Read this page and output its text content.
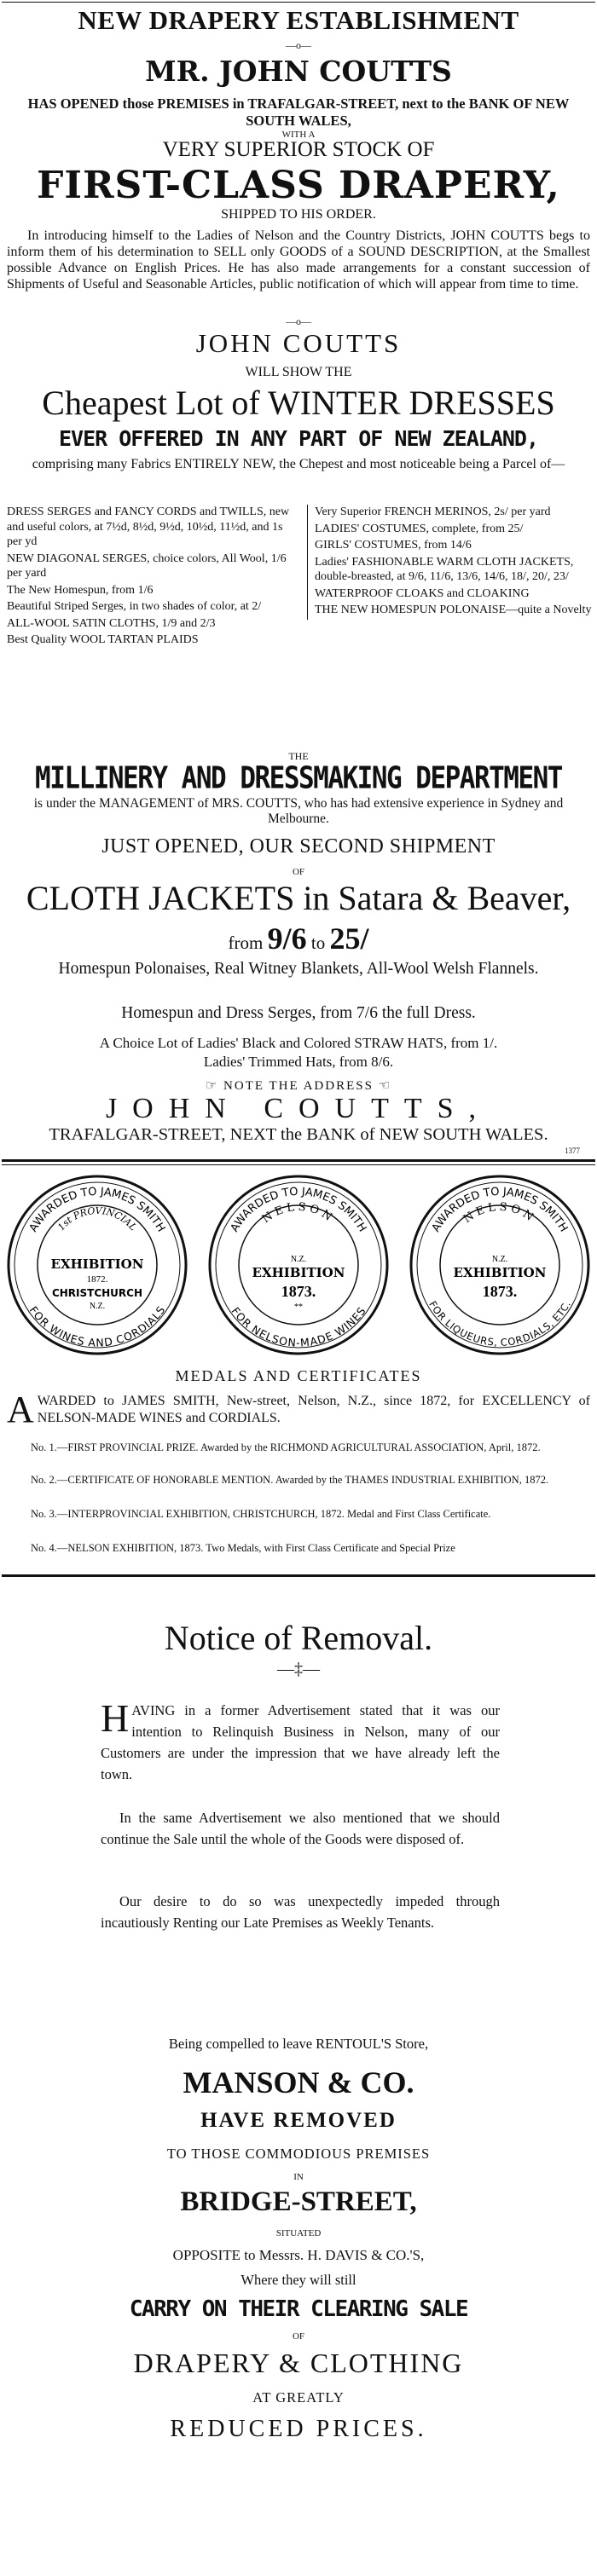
NEW DRAPERY ESTABLISHMENT
—o—
MR. JOHN COUTTS
HAS OPENED those PREMISES in TRAFALGAR-STREET, next to the BANK OF NEW SOUTH WALES,
WITH A
VERY SUPERIOR STOCK OF
FIRST-CLASS DRAPERY,
SHIPPED TO HIS ORDER.
In introducing himself to the Ladies of Nelson and the Country Districts, JOHN COUTTS begs to inform them of his determination to SELL only GOODS of a SOUND DESCRIPTION, at the Smallest possible Advance on English Prices. He has also made arrangements for a constant succession of Shipments of Useful and Seasonable Articles, public notification of which will appear from time to time.
—o—
JOHN COUTTS
WILL SHOW THE
Cheapest Lot of WINTER DRESSES
EVER OFFERED IN ANY PART OF NEW ZEALAND,
comprising many Fabrics ENTIRELY NEW, the Chepest and most noticeable being a Parcel of—

DRESS SERGES and FANCY CORDS and TWILLS, new and useful colors, at 7½d, 8½d, 9½d, 10½d, 11½d, and 1s per yd

NEW DIAGONAL SERGES, choice colors, All Wool, 1/6 per yard

The New Homespun, from 1/6

Beautiful Striped Serges, in two shades of color, at 2/

ALL-WOOL SATIN CLOTHS, 1/9 and 2/3

Best Quality WOOL TARTAN PLAIDS

Very Superior FRENCH MERINOS, 2s/ per yard

LADIES' COSTUMES, complete, from 25/

GIRLS' COSTUMES, from 14/6

Ladies' FASHIONABLE WARM CLOTH JACKETS, double-breasted, at 9/6, 11/6, 13/6, 14/6, 18/, 20/, 23/

WATERPROOF CLOAKS and CLOAKING

THE NEW HOMESPUN POLONAISE—quite a Novelty

THE
MILLINERY AND DRESSMAKING DEPARTMENT
is under the MANAGEMENT of MRS. COUTTS, who has had extensive experience in Sydney and Melbourne.
JUST OPENED, OUR SECOND SHIPMENT
OF
CLOTH JACKETS in Satara & Beaver,
from 9/6 to 25/
Homespun Polonaises, Real Witney Blankets, All-Wool Welsh Flannels.
Homespun and Dress Serges, from 7/6 the full Dress.
A Choice Lot of Ladies' Black and Colored STRAW HATS, from 1/.
Ladies' Trimmed Hats, from 8/6.
☞ NOTE THE ADDRESS ☜
JOHN COUTTS,
TRAFALGAR-STREET, NEXT the BANK of NEW SOUTH WALES.
1377
AWARDED TO JAMES SMITH
1st PROVINCIAL
EXHIBITION
1872.
CHRISTCHURCH
N.Z.
FOR WINES AND CORDIALS
AWARDED TO JAMES SMITH
NELSON
N.Z.
EXHIBITION
1873.
**
FOR NELSON-MADE WINES
AWARDED TO JAMES SMITH
NELSON
N.Z.
EXHIBITION
1873.
FOR LIQUEURS, CORDIALS, ETC.
MEDALS AND CERTIFICATES
A WARDED to JAMES SMITH, New-street, Nelson, N.Z., since 1872, for EXCELLENCY of NELSON-MADE WINES and CORDIALS.
No. 1.—FIRST PROVINCIAL PRIZE. Awarded by the RICHMOND AGRICULTURAL ASSOCIATION, April, 1872.
No. 2.—CERTIFICATE OF HONORABLE MENTION. Awarded by the THAMES INDUSTRIAL EXHIBITION, 1872.
No. 3.—INTERPROVINCIAL EXHIBITION, CHRISTCHURCH, 1872. Medal and First Class Certificate.
No. 4.—NELSON EXHIBITION, 1873. Two Medals, with First Class Certificate and Special Prize
Notice of Removal.
—‡—

HAVING in a former Advertisement stated that it was our intention to Relinquish Business in Nelson, many of our Customers are under the impression that we have already left the town.

In the same Advertisement we also mentioned that we should continue the Sale until the whole of the Goods were disposed of.

Our desire to do so was unexpectedly impeded through incautiously Renting our Late Premises as Weekly Tenants.

Being compelled to leave RENTOUL'S Store,
MANSON & CO.
HAVE REMOVED
TO THOSE COMMODIOUS PREMISES
IN
BRIDGE-STREET,
SITUATED
OPPOSITE to Messrs. H. DAVIS & CO.'S,
Where they will still
CARRY ON THEIR CLEARING SALE
OF
DRAPERY & CLOTHING
AT GREATLY
REDUCED PRICES.
